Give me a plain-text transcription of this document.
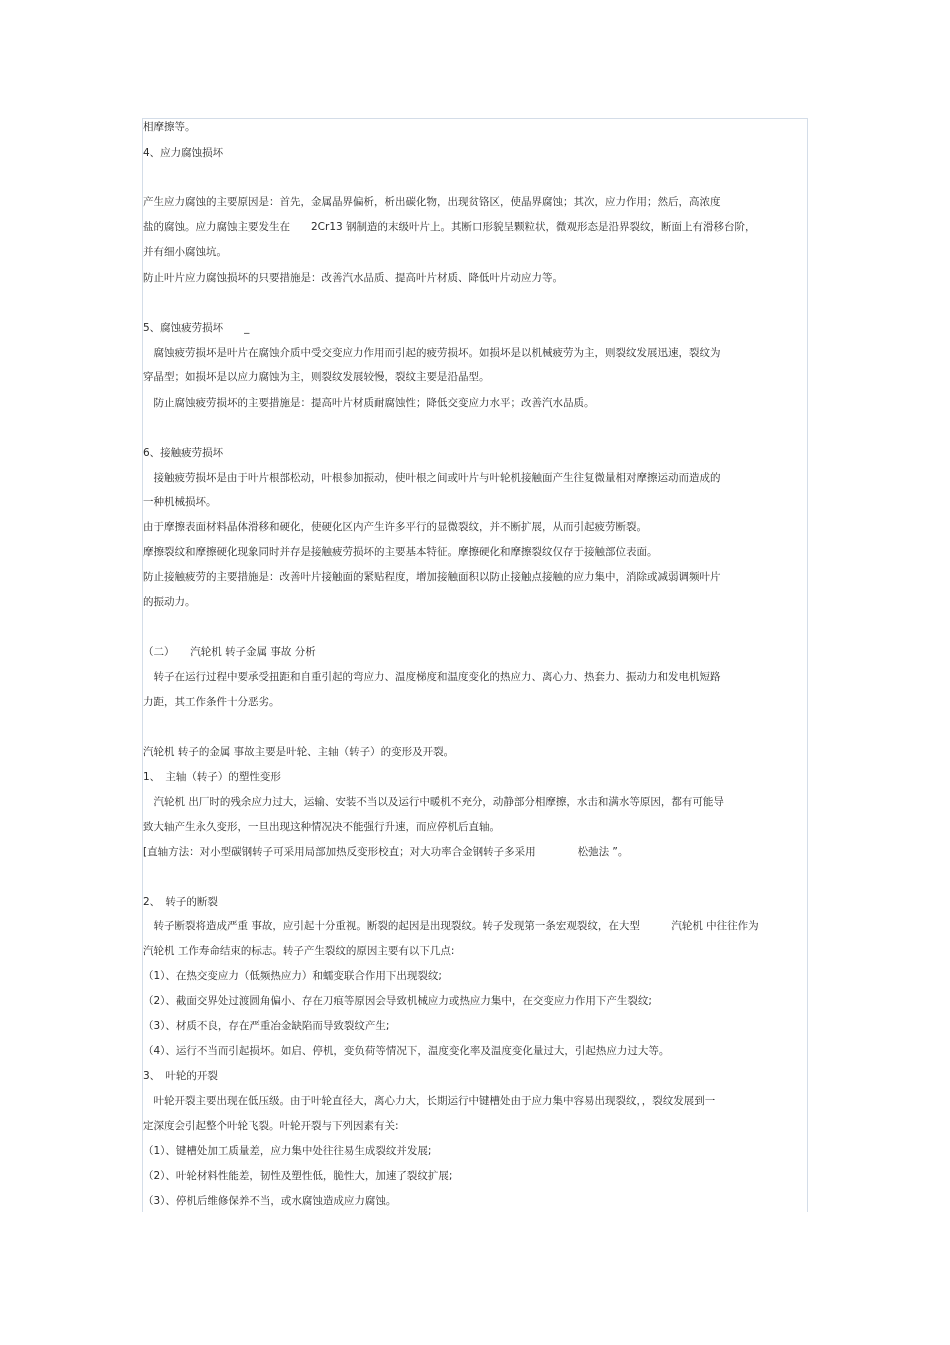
相摩擦等。
4、应力腐蚀损坏
产生应力腐蚀的主要原因是：首先，金属晶界偏析，析出碳化物，出现贫铬区，使晶界腐蚀；其次，应力作用；然后，高浓度
盐的腐蚀。应力腐蚀主要发生在　　2Cr13 钢制造的末级叶片上。其断口形貌呈颗粒状，微观形态是沿界裂纹，断面上有滑移台阶，
并有细小腐蚀坑。
防止叶片应力腐蚀损坏的只要措施是：改善汽水品质、提高叶片材质、降低叶片动应力等。
5、腐蚀疲劳损坏　　_
　腐蚀疲劳损坏是叶片在腐蚀介质中受交变应力作用而引起的疲劳损坏。如损坏是以机械疲劳为主，则裂纹发展迅速，裂纹为
穿晶型；如损坏是以应力腐蚀为主，则裂纹发展较慢，裂纹主要是沿晶型。
　防止腐蚀疲劳损坏的主要措施是：提高叶片材质耐腐蚀性；降低交变应力水平；改善汽水品质。
6、接触疲劳损坏
　接触疲劳损坏是由于叶片根部松动，叶根参加振动，使叶根之间或叶片与叶轮机接触面产生往复微量相对摩擦运动而造成的
一种机械损坏。
由于摩擦表面材料晶体滑移和硬化，使硬化区内产生许多平行的显微裂纹，并不断扩展，从而引起疲劳断裂。
摩擦裂纹和摩擦硬化现象同时并存是接触疲劳损坏的主要基本特征。摩擦硬化和摩擦裂纹仅存于接触部位表面。
防止接触疲劳的主要措施是：改善叶片接触面的紧贴程度，增加接触面积以防止接触点接触的应力集中，消除或减弱调频叶片
的振动力。
（二）　　汽轮机 转子金属 事故 分析
　转子在运行过程中要承受扭距和自重引起的弯应力、温度梯度和温度变化的热应力、离心力、热套力、振动力和发电机短路
力距，其工作条件十分恶劣。
汽轮机 转子的金属 事故主要是叶轮、主轴（转子）的变形及开裂。
1、　主轴（转子）的塑性变形
　汽轮机 出厂时的残余应力过大，运输、安装不当以及运行中暖机不充分，动静部分相摩擦，水击和满水等原因，都有可能导
致大轴产生永久变形，一旦出现这种情况决不能强行升速，而应停机后直轴。
[直轴方法：对小型碳钢转子可采用局部加热反变形校直；对大功率合金钢转子多采用　　　　松弛法 ”。
2、　转子的断裂
　转子断裂将造成严重 事故，应引起十分重视。断裂的起因是出现裂纹。转子发现第一条宏观裂纹，在大型　　　汽轮机 中往往作为
汽轮机 工作寿命结束的标志。转子产生裂纹的原因主要有以下几点:
（1）、在热交变应力（低频热应力）和蠕变联合作用下出现裂纹;
（2）、截面交界处过渡圆角偏小、存在刀痕等原因会导致机械应力或热应力集中，在交变应力作用下产生裂纹;
（3）、材质不良，存在严重冶金缺陷而导致裂纹产生;
（4）、运行不当而引起损坏。如启、停机，变负荷等情况下，温度变化率及温度变化量过大，引起热应力过大等。
3、　叶轮的开裂
　叶轮开裂主要出现在低压级。由于叶轮直径大，离心力大，长期运行中键槽处由于应力集中容易出现裂纹，，裂纹发展到一
定深度会引起整个叶轮飞裂。叶轮开裂与下列因素有关:
（1）、键槽处加工质量差，应力集中处往往易生成裂纹并发展;
（2）、叶轮材料性能差，韧性及塑性低，脆性大，加速了裂纹扩展;
（3）、停机后维修保养不当，或水腐蚀造成应力腐蚀。
